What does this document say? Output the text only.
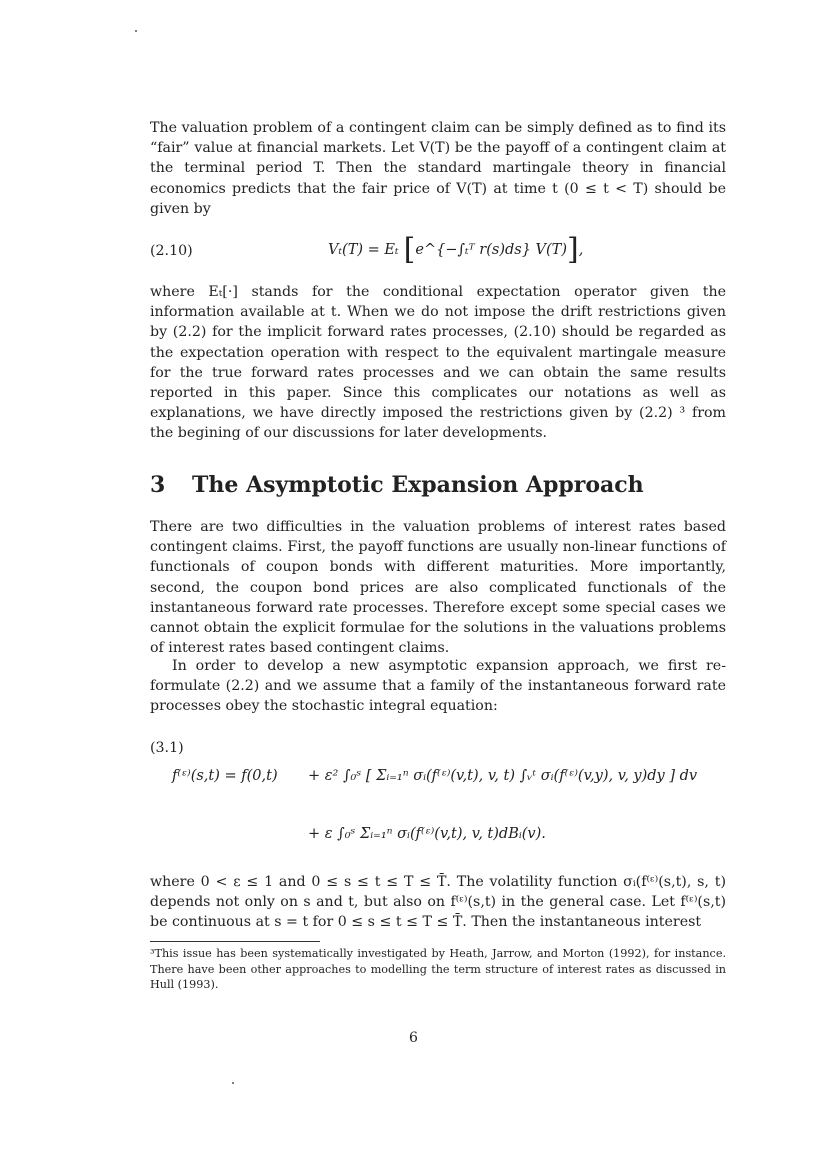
The valuation problem of a contingent claim can be simply defined as to find its “fair” value at financial markets. Let V(T) be the payoff of a contingent claim at the terminal period T. Then the standard martingale theory in financial economics predicts that the fair price of V(T) at time t (0 ≤ t < T) should be given by

(2.10)	Vₜ(T) = Eₜ [e^{−∫ₜᵀ r(s)ds} V(T)],

where Eₜ[·] stands for the conditional expectation operator given the information available at t. When we do not impose the drift restrictions given by (2.2) for the implicit forward rates processes, (2.10) should be regarded as the expectation operation with respect to the equivalent martingale measure for the true forward rates processes and we can obtain the same results reported in this paper. Since this complicates our notations as well as explanations, we have directly imposed the restrictions given by (2.2) ³ from the begining of our discussions for later developments.

3 The Asymptotic Expansion Approach

There are two difficulties in the valuation problems of interest rates based contingent claims. First, the payoff functions are usually non-linear functions of functionals of coupon bonds with different maturities. More importantly, second, the coupon bond prices are also complicated functionals of the instantaneous forward rate processes. Therefore except some special cases we cannot obtain the explicit formulae for the solutions in the valuations problems of interest rates based contingent claims.

In order to develop a new asymptotic expansion approach, we first re-formulate (2.2) and we assume that a family of the instantaneous forward rate processes obey the stochastic integral equation:

(3.1)
f⁽ᵋ⁾(s,t) = f(0,t) + ε² ∫₀ˢ [ Σᵢ₌₁ⁿ σᵢ(f⁽ᵋ⁾(v,t), v, t) ∫ᵥᵗ σᵢ(f⁽ᵋ⁾(v,y), v, y)dy ] dv
+ ε ∫₀ˢ Σᵢ₌₁ⁿ σᵢ(f⁽ᵋ⁾(v,t), v, t)dBᵢ(v).

where 0 < ε ≤ 1 and 0 ≤ s ≤ t ≤ T ≤ T̄. The volatility function σᵢ(f⁽ᵋ⁾(s,t), s, t) depends not only on s and t, but also on f⁽ᵋ⁾(s,t) in the general case. Let f⁽ᵋ⁾(s,t) be continuous at s = t for 0 ≤ s ≤ t ≤ T ≤ T̄. Then the instantaneous interest

³This issue has been systematically investigated by Heath, Jarrow, and Morton (1992), for instance. There have been other approaches to modelling the term structure of interest rates as discussed in Hull (1993).

6
